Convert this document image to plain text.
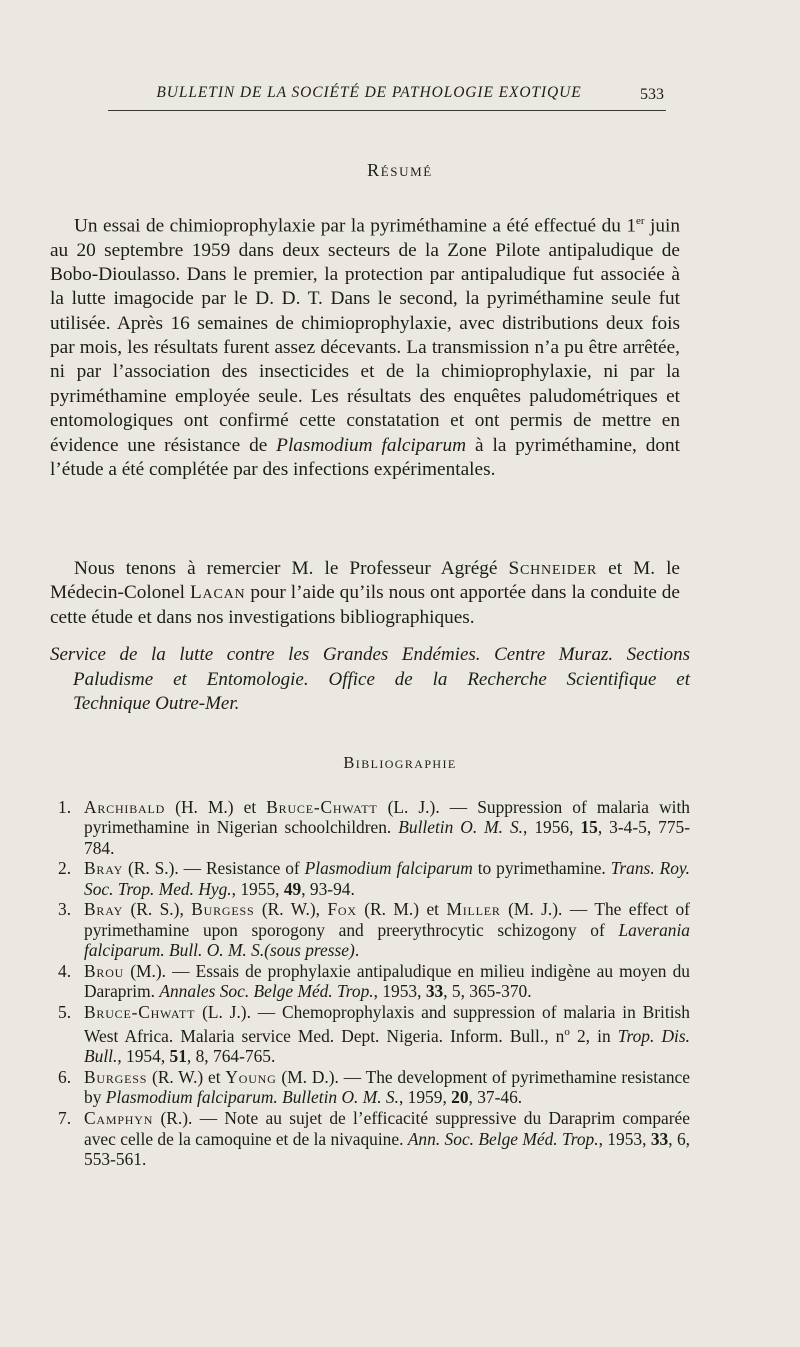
BULLETIN DE LA SOCIÉTÉ DE PATHOLOGIE EXOTIQUE	533
Résumé
Un essai de chimioprophylaxie par la pyriméthamine a été effectué du 1er juin au 20 septembre 1959 dans deux secteurs de la Zone Pilote antipaludique de Bobo-Dioulasso. Dans le premier, la protection par antipaludique fut associée à la lutte imagocide par le D. D. T. Dans le second, la pyriméthamine seule fut utilisée. Après 16 semaines de chimioprophylaxie, avec distributions deux fois par mois, les résultats furent assez décevants. La transmission n’a pu être arrêtée, ni par l’association des insecticides et de la chimioprophylaxie, ni par la pyriméthamine employée seule. Les résultats des enquêtes paludométriques et entomologiques ont confirmé cette constatation et ont permis de mettre en évidence une résistance de Plasmodium falciparum à la pyriméthamine, dont l’étude a été complétée par des infections expérimentales.
Nous tenons à remercier M. le Professeur Agrégé Schneider et M. le Médecin-Colonel Lacan pour l’aide qu’ils nous ont apportée dans la conduite de cette étude et dans nos investigations bibliographiques.
Service de la lutte contre les Grandes Endémies. Centre Muraz. Sections
Paludisme et Entomologie. Office de la Recherche Scientifique et
Technique Outre-Mer.
Bibliographie
1. Archibald (H. M.) et Bruce-Chwatt (L. J.). — Suppression of malaria with pyrimethamine in Nigerian schoolchildren. Bulletin O. M. S., 1956, 15, 3-4-5, 775-784.
2. Bray (R. S.). — Resistance of Plasmodium falciparum to pyrimethamine. Trans. Roy. Soc. Trop. Med. Hyg., 1955, 49, 93-94.
3. Bray (R. S.), Burgess (R. W.), Fox (R. M.) et Miller (M. J.). — The effect of pyrimethamine upon sporogony and preerythrocytic schizogony of Laverania falciparum. Bull. O. M. S.(sous presse).
4. Brou (M.). — Essais de prophylaxie antipaludique en milieu indigène au moyen du Daraprim. Annales Soc. Belge Méd. Trop., 1953, 33, 5, 365-370.
5. Bruce-Chwatt (L. J.). — Chemoprophylaxis and suppression of malaria in British West Africa. Malaria service Med. Dept. Nigeria. Inform. Bull., $n^o$ 2, in Trop. Dis. Bull., 1954, 51, 8, 764-765.
6. Burgess (R. W.) et Young (M. D.). — The development of pyrimethamine resistance by Plasmodium falciparum. Bulletin O. M. S., 1959, 20, 37-46.
7. Camphyn (R.). — Note au sujet de l’efficacité suppressive du Daraprim comparée avec celle de la camoquine et de la nivaquine. Ann. Soc. Belge Méd. Trop., 1953, 33, 6, 553-561.
